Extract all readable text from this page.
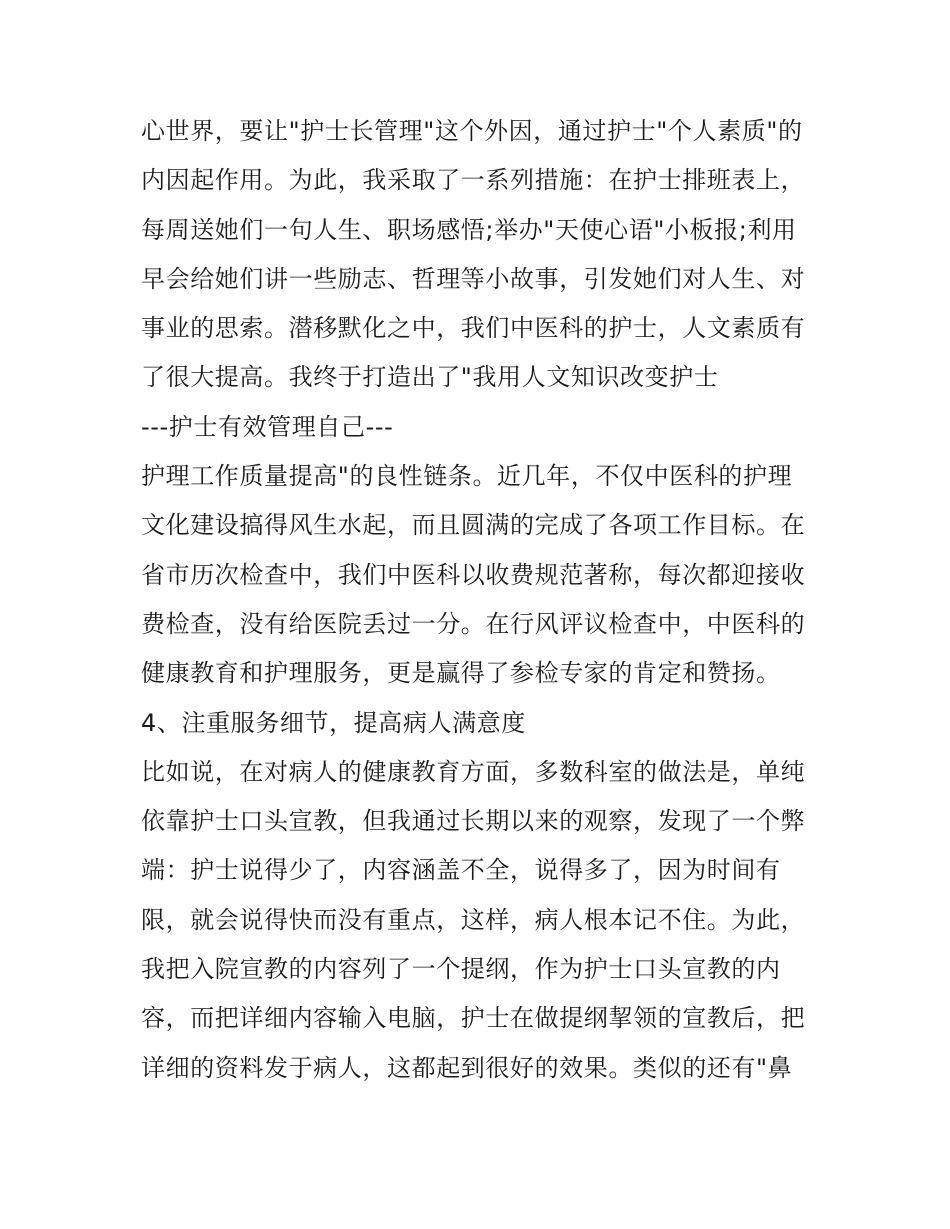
心世界，要让"护士长管理"这个外因，通过护士"个人素质"的
内因起作用。为此，我采取了一系列措施：在护士排班表上，
每周送她们一句人生、职场感悟;举办"天使心语"小板报;利用
早会给她们讲一些励志、哲理等小故事，引发她们对人生、对
事业的思索。潜移默化之中，我们中医科的护士，人文素质有
了很大提高。我终于打造出了"我用人文知识改变护士
---护士有效管理自己---
护理工作质量提高"的良性链条。近几年，不仅中医科的护理
文化建设搞得风生水起，而且圆满的完成了各项工作目标。在
省市历次检查中，我们中医科以收费规范著称，每次都迎接收
费检查，没有给医院丢过一分。在行风评议检查中，中医科的
健康教育和护理服务，更是赢得了参检专家的肯定和赞扬。
4、注重服务细节，提高病人满意度
比如说，在对病人的健康教育方面，多数科室的做法是，单纯
依靠护士口头宣教，但我通过长期以来的观察，发现了一个弊
端：护士说得少了，内容涵盖不全，说得多了，因为时间有
限，就会说得快而没有重点，这样，病人根本记不住。为此，
我把入院宣教的内容列了一个提纲，作为护士口头宣教的内
容，而把详细内容输入电脑，护士在做提纲挈领的宣教后，把
详细的资料发于病人，这都起到很好的效果。类似的还有"鼻
